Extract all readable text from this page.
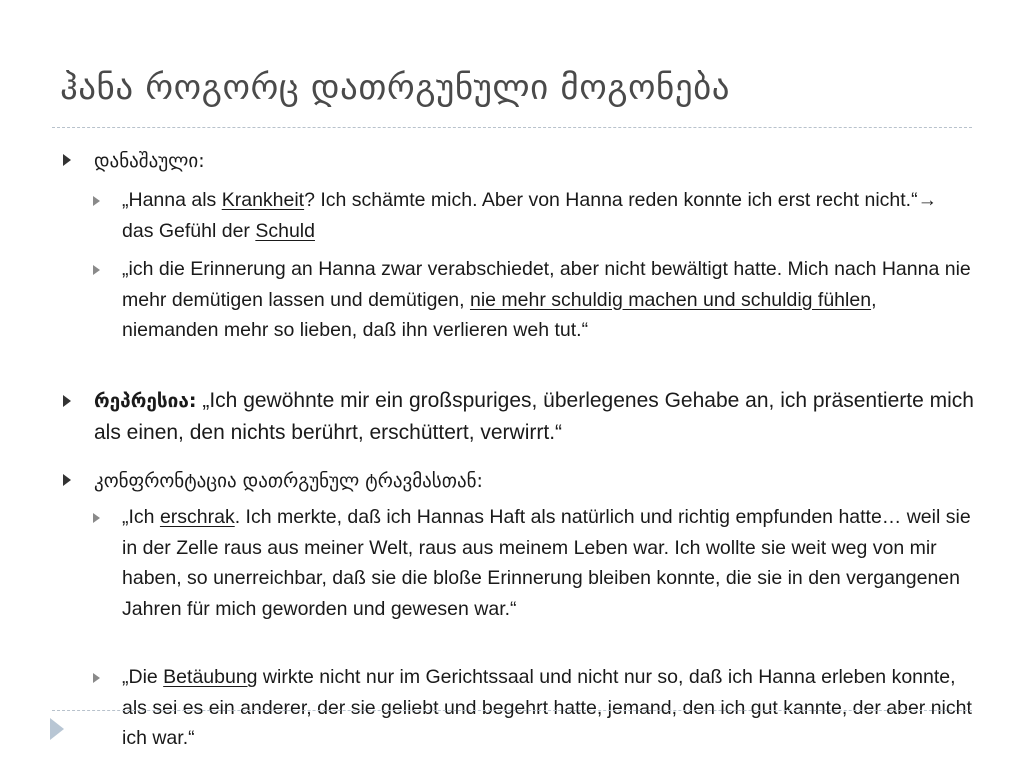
ჰანა როგორც დათრგუნული მოგონება
დანაშაული:
„Hanna als Krankheit? Ich schämte mich. Aber von Hanna reden konnte ich erst recht nicht.“→ das Gefühl der Schuld
„ich die Erinnerung an Hanna zwar verabschiedet, aber nicht bewältigt hatte. Mich nach Hanna nie mehr demütigen lassen und demütigen, nie mehr schuldig machen und schuldig fühlen, niemanden mehr so lieben, daß ihn verlieren weh tut.“
რეპრესია: „Ich gewöhnte mir ein großspuriges, überlegenes Gehabe an, ich präsentierte mich als einen, den nichts berührt, erschüttert, verwirrt.“
კონფრონტაცია დათრგუნულ ტრავმასთან:
„Ich erschrak. Ich merkte, daß ich Hannas Haft als natürlich und richtig empfunden hatte… weil sie in der Zelle raus aus meiner Welt, raus aus meinem Leben war. Ich wollte sie weit weg von mir haben, so unerreichbar, daß sie die bloße Erinnerung bleiben konnte, die sie in den vergangenen Jahren für mich geworden und gewesen war.“
„Die Betäubung wirkte nicht nur im Gerichtssaal und nicht nur so, daß ich Hanna erleben konnte, als sei es ein anderer, der sie geliebt und begehrt hatte, jemand, den ich gut kannte, der aber nicht ich war.“
